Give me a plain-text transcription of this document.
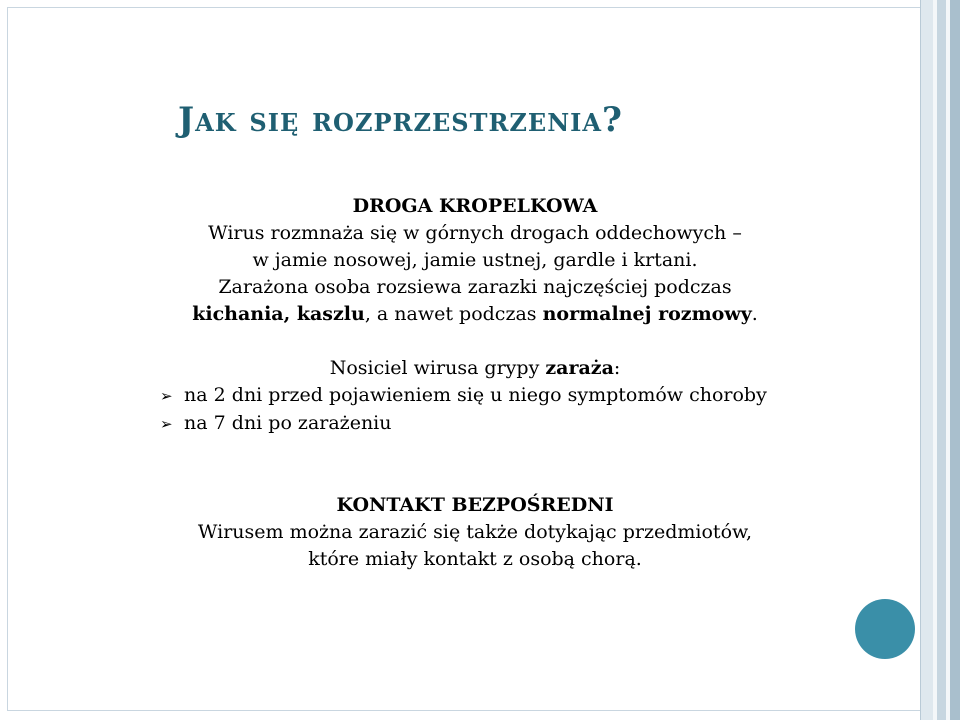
Jak się rozprzestrzenia?
DROGA KROPELKOWA
Wirus rozmnaża się w górnych drogach oddechowych –
w jamie nosowej, jamie ustnej, gardle i krtani.
Zarażona osoba rozsiewa zarazki najczęściej podczas
kichania, kaszlu, a nawet podczas normalnej rozmowy.
Nosiciel wirusa grypy zaraża:
➢ na 2 dni przed pojawieniem się u niego symptomów choroby
➢ na 7 dni po zarażeniu
KONTAKT BEZPOŚREDNI
Wirusem można zarazić się także dotykając przedmiotów,
które miały kontakt z osobą chorą.
